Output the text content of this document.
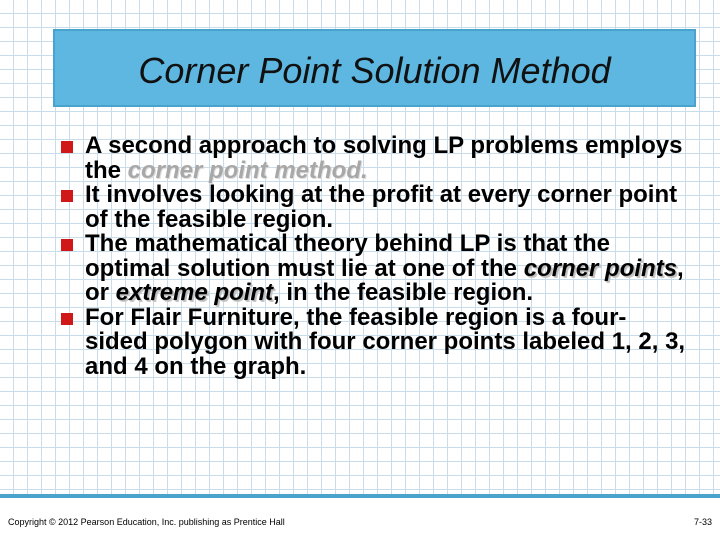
Corner Point Solution Method
A second approach to solving LP problems employs the corner point method.
It involves looking at the profit at every corner point of the feasible region.
The mathematical theory behind LP is that the optimal solution must lie at one of the corner points, or extreme point, in the feasible region.
For Flair Furniture, the feasible region is a four-sided polygon with four corner points labeled 1, 2, 3, and 4 on the graph.
Copyright © 2012 Pearson Education, Inc. publishing as Prentice Hall	7-33
